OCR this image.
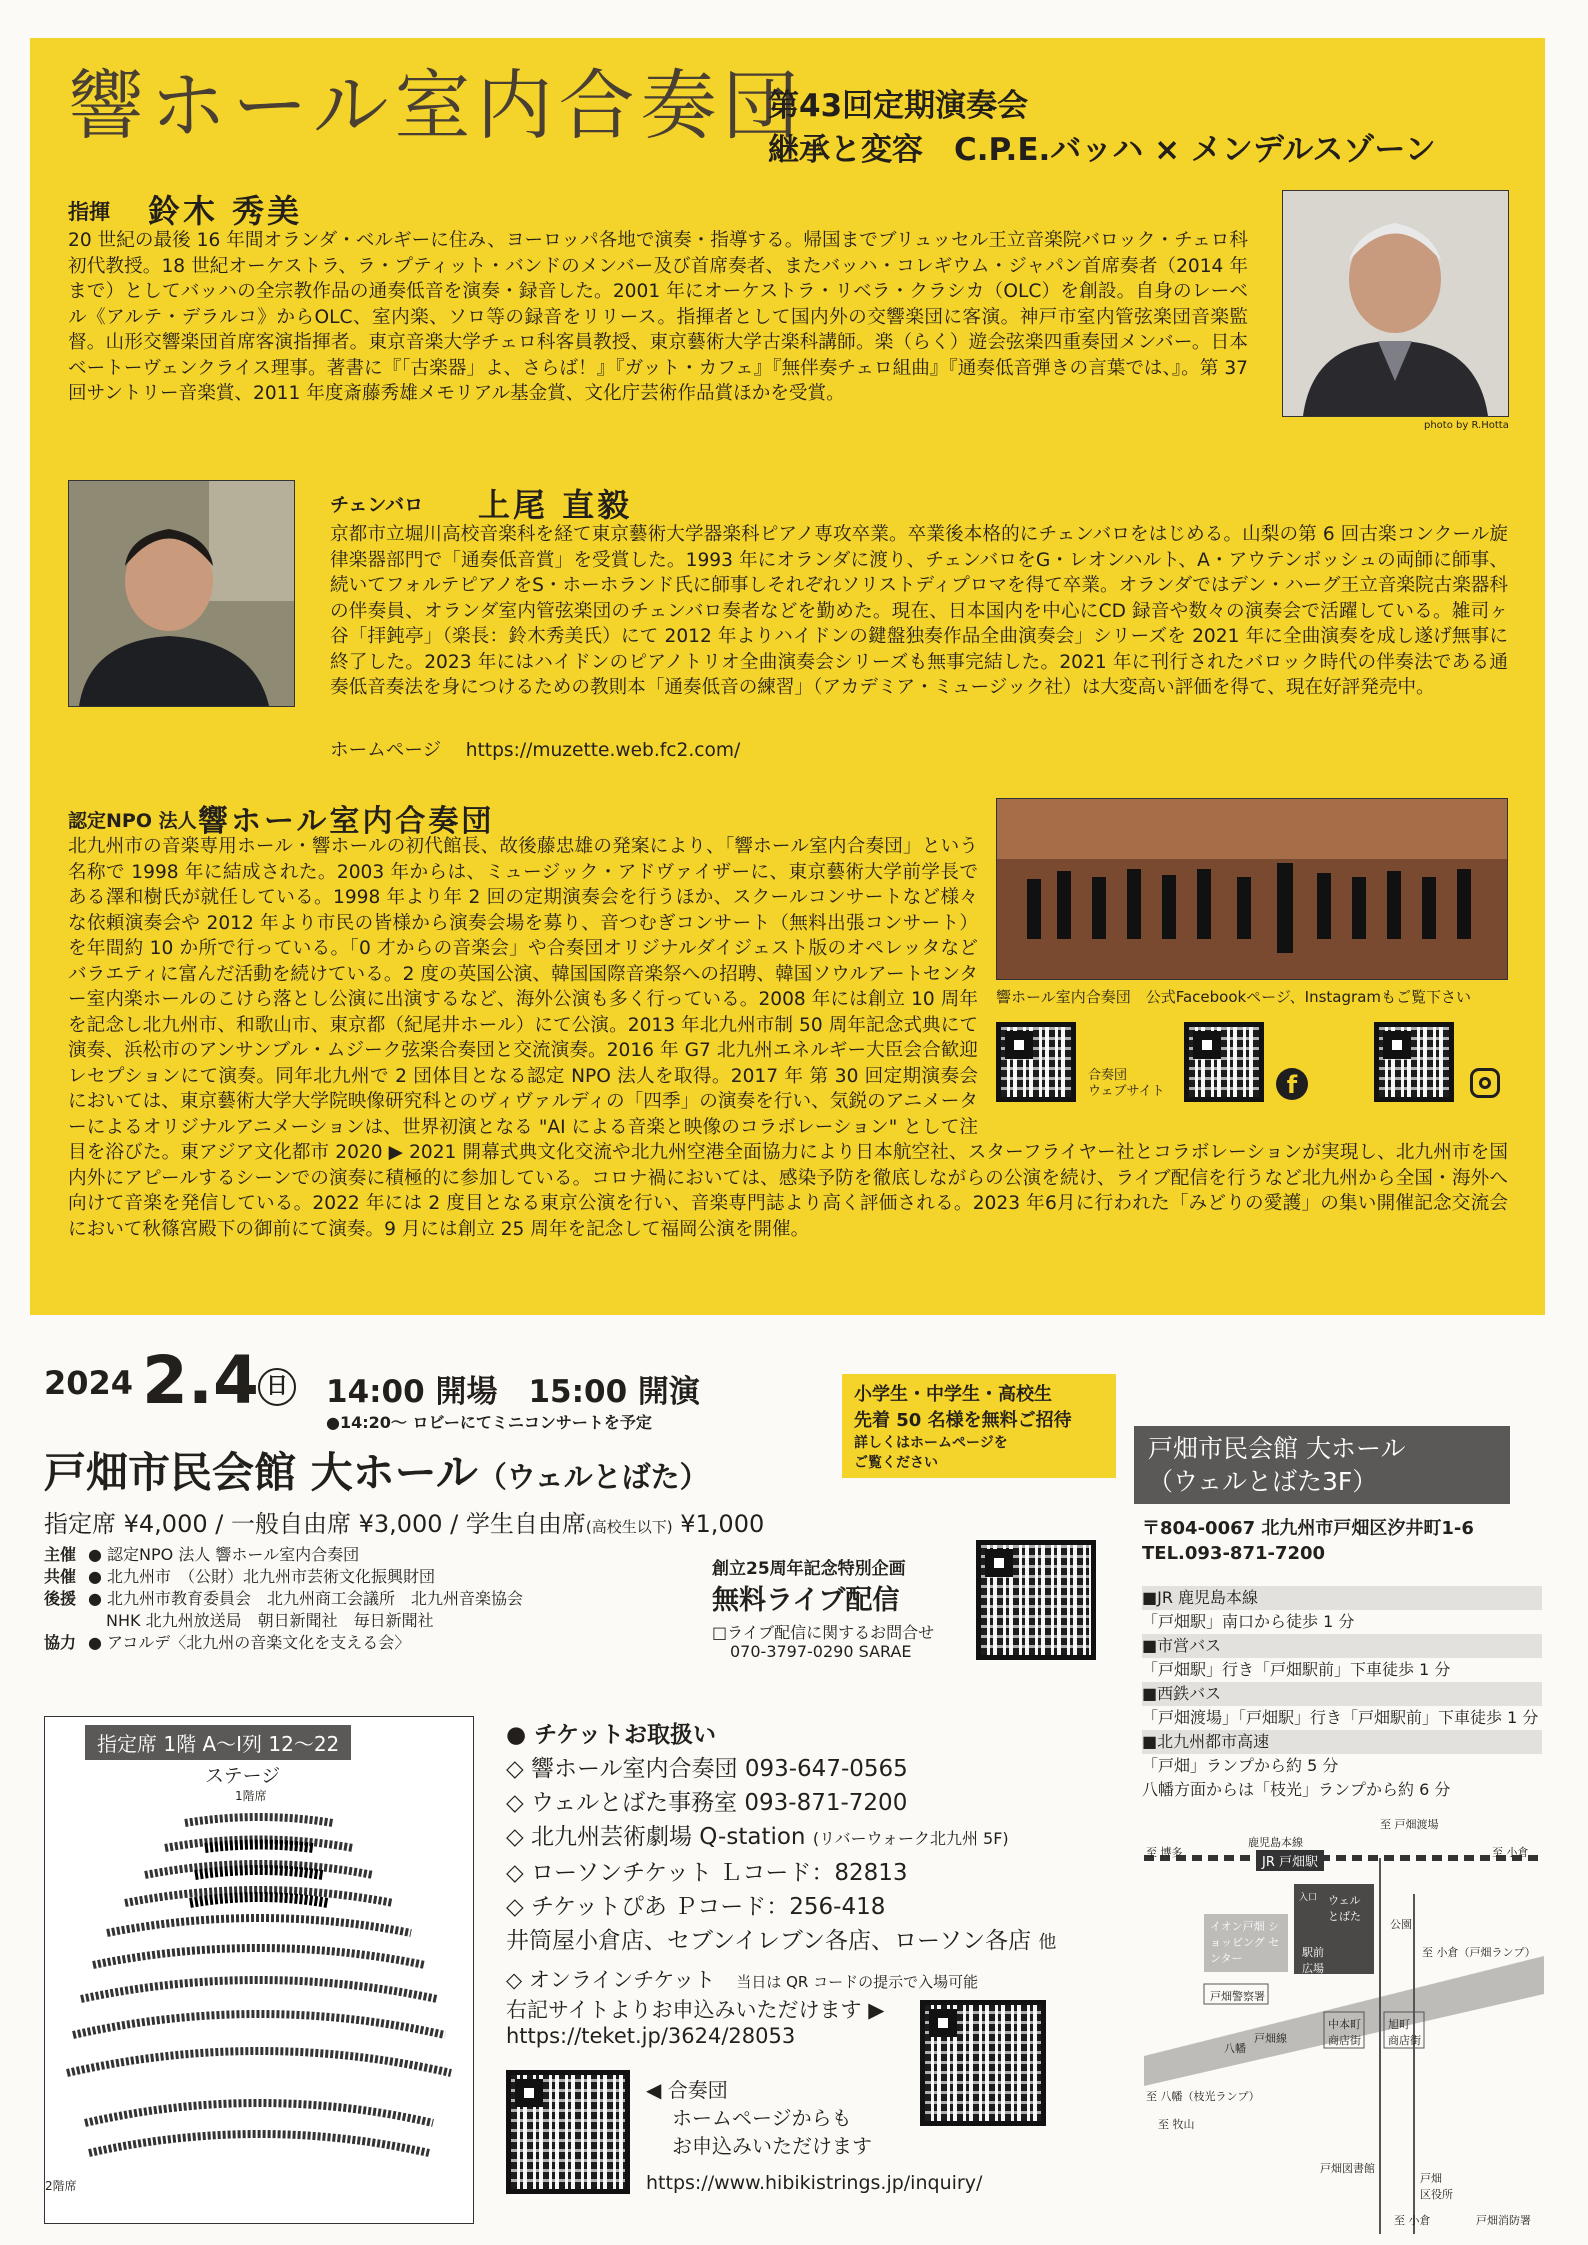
響ホール室内合奏団
第43回定期演奏会
継承と変容　C.P.E.バッハ × メンデルスゾーン
指揮 鈴木 秀美
20 世紀の最後 16 年間オランダ・ベルギーに住み、ヨーロッパ各地で演奏・指導する。帰国までブリュッセル王立音楽院バロック・チェロ科初代教授。18 世紀オーケストラ、ラ・プティット・バンドのメンバー及び首席奏者、またバッハ・コレギウム・ジャパン首席奏者（2014 年まで）としてバッハの全宗教作品の通奏低音を演奏・録音した。2001 年にオーケストラ・リベラ・クラシカ（OLC）を創設。自身のレーベル《アルテ・デラルコ》からOLC、室内楽、ソロ等の録音をリリース。指揮者として国内外の交響楽団に客演。神戸市室内管弦楽団音楽監督。山形交響楽団首席客演指揮者。東京音楽大学チェロ科客員教授、東京藝術大学古楽科講師。楽（らく）遊会弦楽四重奏団メンバー。日本ベートーヴェンクライス理事。著書に『「古楽器」よ、さらば！』『ガット・カフェ』『無伴奏チェロ組曲』『通奏低音弾きの言葉では、』。第 37 回サントリー音楽賞、2011 年度斎藤秀雄メモリアル基金賞、文化庁芸術作品賞ほかを受賞。
photo by R.Hotta
チェンバロ 上尾 直毅
京都市立堀川高校音楽科を経て東京藝術大学器楽科ピアノ専攻卒業。卒業後本格的にチェンバロをはじめる。山梨の第 6 回古楽コンクール旋律楽器部門で「通奏低音賞」を受賞した。1993 年にオランダに渡り、チェンバロをG・レオンハルト、A・アウテンボッシュの両師に師事、続いてフォルテピアノをS・ホーホランド氏に師事しそれぞれソリストディプロマを得て卒業。オランダではデン・ハーグ王立音楽院古楽器科の伴奏員、オランダ室内管弦楽団のチェンバロ奏者などを勤めた。現在、日本国内を中心にCD 録音や数々の演奏会で活躍している。雑司ヶ谷「拝鈍亭」（楽長：鈴木秀美氏）にて 2012 年よりハイドンの鍵盤独奏作品全曲演奏会」シリーズを 2021 年に全曲演奏を成し遂げ無事に終了した。2023 年にはハイドンのピアノトリオ全曲演奏会シリーズも無事完結した。2021 年に刊行されたバロック時代の伴奏法である通奏低音奏法を身につけるための教則本「通奏低音の練習」（アカデミア・ミュージック社）は大変高い評価を得て、現在好評発売中。
ホームページ　 https://muzette.web.fc2.com/
認定NPO 法人 響ホール室内合奏団
響ホール室内合奏団　公式Facebookページ、Instagramもご覧下さい
合奏団
ウェブサイト	f
北九州市の音楽専用ホール・響ホールの初代館長、故後藤忠雄の発案により、「響ホール室内合奏団」という名称で 1998 年に結成された。2003 年からは、ミュージック・アドヴァイザーに、東京藝術大学前学長である澤和樹氏が就任している。1998 年より年 2 回の定期演奏会を行うほか、スクールコンサートなど様々な依頼演奏会や 2012 年より市民の皆様から演奏会場を募り、音つむぎコンサート（無料出張コンサート）を年間約 10 か所で行っている。「0 才からの音楽会」や合奏団オリジナルダイジェスト版のオペレッタなどバラエティに富んだ活動を続けている。2 度の英国公演、韓国国際音楽祭への招聘、韓国ソウルアートセンター室内楽ホールのこけら落とし公演に出演するなど、海外公演も多く行っている。2008 年には創立 10 周年を記念し北九州市、和歌山市、東京都（紀尾井ホール）にて公演。2013 年北九州市制 50 周年記念式典にて演奏、浜松市のアンサンブル・ムジーク弦楽合奏団と交流演奏。2016 年 G7 北九州エネルギー大臣会合歓迎レセプションにて演奏。同年北九州で 2 団体目となる認定 NPO 法人を取得。2017 年 第 30 回定期演奏会においては、東京藝術大学大学院映像研究科とのヴィヴァルディの「四季」の演奏を行い、気鋭のアニメーターによるオリジナルアニメーションは、世界初演となる "AI による音楽と映像のコラボレーション" として注目を浴びた。東アジア文化都市 2020 ▶ 2021 開幕式典文化交流や北九州空港全面協力により日本航空社、スターフライヤー社とコラボレーションが実現し、北九州市を国内外にアピールするシーンでの演奏に積極的に参加している。コロナ禍においては、感染予防を徹底しながらの公演を続け、ライブ配信を行うなど北九州から全国・海外へ向けて音楽を発信している。2022 年には 2 度目となる東京公演を行い、音楽専門誌より高く評価される。2023 年6月に行われた「みどりの愛護」の集い開催記念交流会において秋篠宮殿下の御前にて演奏。9 月には創立 25 周年を記念して福岡公演を開催。
2024 2.4 日 14:00 開場　15:00 開演
●14:20～ ロビーにてミニコンサートを予定
戸畑市民会館 大ホール（ウェルとばた）
指定席 ¥4,000 / 一般自由席 ¥3,000 / 学生自由席(高校生以下) ¥1,000
小学生・中学生・高校生
先着 50 名様を無料ご招待
詳しくはホームページを
ご覧ください
主催 ● 認定NPO 法人 響ホール室内合奏団
共催 ● 北九州市　（公財）北九州市芸術文化振興財団
後援 ● 北九州市教育委員会　北九州商工会議所　北九州音楽協会
NHK 北九州放送局　朝日新聞社　毎日新聞社
協力 ● アコルデ〈北九州の音楽文化を支える会〉
創立25周年記念特別企画
無料ライブ配信
□ライブ配信に関するお問合せ
070-3797-0290 SARAE
戸畑市民会館 大ホール
（ウェルとばた3F）
〒804-0067 北九州市戸畑区汐井町1-6
TEL.093-871-7200
■JR 鹿児島本線
「戸畑駅」南口から徒歩 1 分
■市営バス
「戸畑駅」行き「戸畑駅前」下車徒歩 1 分
■西鉄バス
「戸畑渡場」「戸畑駅」行き「戸畑駅前」下車徒歩 1 分
■北九州都市高速
「戸畑」ランプから約 5 分
八幡方面からは「枝光」ランプから約 6 分
指定席 1階 A～I列 12～22
ステージ
1階席
2階席
● チケットお取扱い
◇ 響ホール室内合奏団 093-647-0565
◇ ウェルとばた事務室 093-871-7200
◇ 北九州芸術劇場 Q-station (リバーウォーク北九州 5F)
◇ ローソンチケット Ｌコード：82813
◇ チケットぴあ Ｐコード：256-418
井筒屋小倉店、セブンイレブン各店、ローソン各店 他
◇ オンラインチケット　 当日は QR コードの提示で入場可能
右記サイトよりお申込みいただけます ▶
https://teket.jp/3624/28053
◀ 合奏団
ホームページからも
お申込みいただけます
https://www.hibikistrings.jp/inquiry/
鹿児島本線
JR 戸畑駅
至 博多	至 小倉
至 戸畑渡場
ウェル とばた
入口
公園
イオン戸畑 ショッピング センター	駅前 広場
戸畑警察署
中本町 商店街
旭町 商店街
至 小倉（戸畑ランプ）
至 八幡（枝光ランプ）
八幡
戸畑線
至 牧山
戸畑図書館
戸畑 区役所
戸畑消防署
至 小倉
